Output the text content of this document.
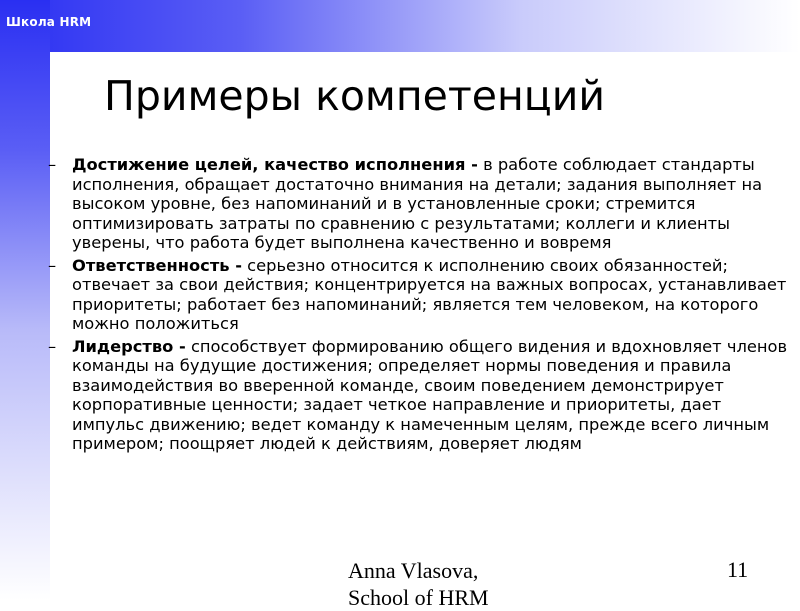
Школа HRM
Примеры компетенций
– Достижение целей, качество исполнения - в работе соблюдает стандарты исполнения, обращает достаточно внимания на детали; задания выполняет на высоком уровне, без напоминаний и в установленные сроки; стремится оптимизировать затраты по сравнению с результатами; коллеги и клиенты уверены, что работа будет выполнена качественно и вовремя
– Ответственность - серьезно относится к исполнению своих обязанностей; отвечает за свои действия; концентрируется на важных вопросах, устанавливает приоритеты; работает без напоминаний; является тем человеком, на которого можно положиться
– Лидерство - способствует формированию общего видения и вдохновляет членов команды на будущие достижения; определяет нормы поведения и правила взаимодействия во вверенной команде, своим поведением демонстрирует корпоративные ценности; задает четкое направление и приоритеты, дает импульс движению; ведет команду к намеченным целям, прежде всего личным примером; поощряет людей к действиям, доверяет людям
Anna Vlasova,
School of HRM
11
